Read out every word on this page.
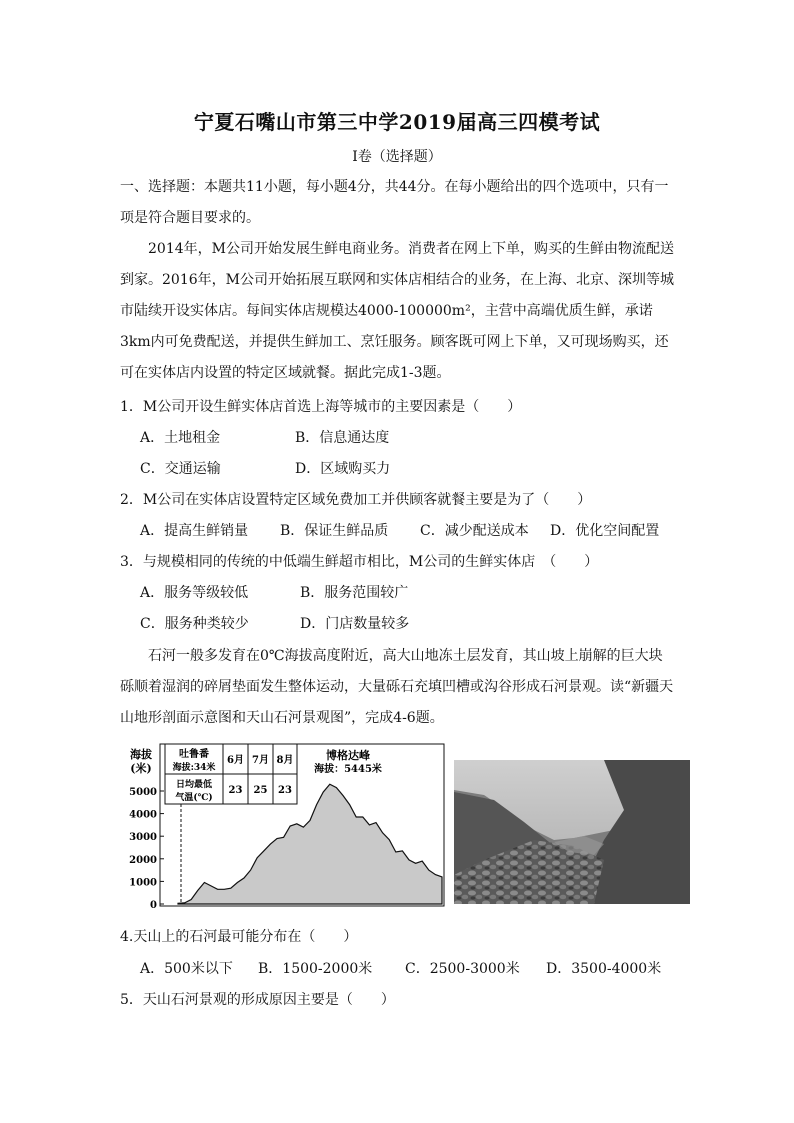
宁夏石嘴山市第三中学2019届高三四模考试
Ⅰ卷（选择题）
一、选择题：本题共11小题，每小题4分，共44分。在每小题给出的四个选项中，只有一项是符合题目要求的。
2014年，M公司开始发展生鲜电商业务。消费者在网上下单，购买的生鲜由物流配送到家。2016年，M公司开始拓展互联网和实体店相结合的业务，在上海、北京、深圳等城市陆续开设实体店。每间实体店规模达4000-100000m²，主营中高端优质生鲜，承诺3km内可免费配送，并提供生鲜加工、烹饪服务。顾客既可网上下单，又可现场购买，还可在实体店内设置的特定区域就餐。据此完成1-3题。
1．M公司开设生鲜实体店首选上海等城市的主要因素是（　　）
A．土地租金	B．信息通达度
C．交通运输	D．区域购买力
2．M公司在实体店设置特定区域免费加工并供顾客就餐主要是为了（　　）
A．提高生鲜销量 B．保证生鲜品质 C．减少配送成本 D．优化空间配置
3．与规模相同的传统的中低端生鲜超市相比，M公司的生鲜实体店　（　　）
A．服务等级较低	B．服务范围较广
C．服务种类较少	D．门店数量较多
石河一般多发育在0℃海拔高度附近，高大山地冻土层发育，其山坡上崩解的巨大块砾顺着湿润的碎屑垫面发生整体运动，大量砾石充填凹槽或沟谷形成石河景观。读“新疆天山地形剖面示意图和天山石河景观图”，完成4-6题。
0
1000
2000
3000
4000
5000
海拔
(米)
博格达峰
海拔：5445米
吐鲁番
海拔:34米
日均最低
气温(℃)
6月 7月 8月
23 25 23
4.天山上的石河最可能分布在（　　）
A．500米以下 B．1500-2000米 C．2500-3000米 D．3500-4000米
5．天山石河景观的形成原因主要是（　　）
